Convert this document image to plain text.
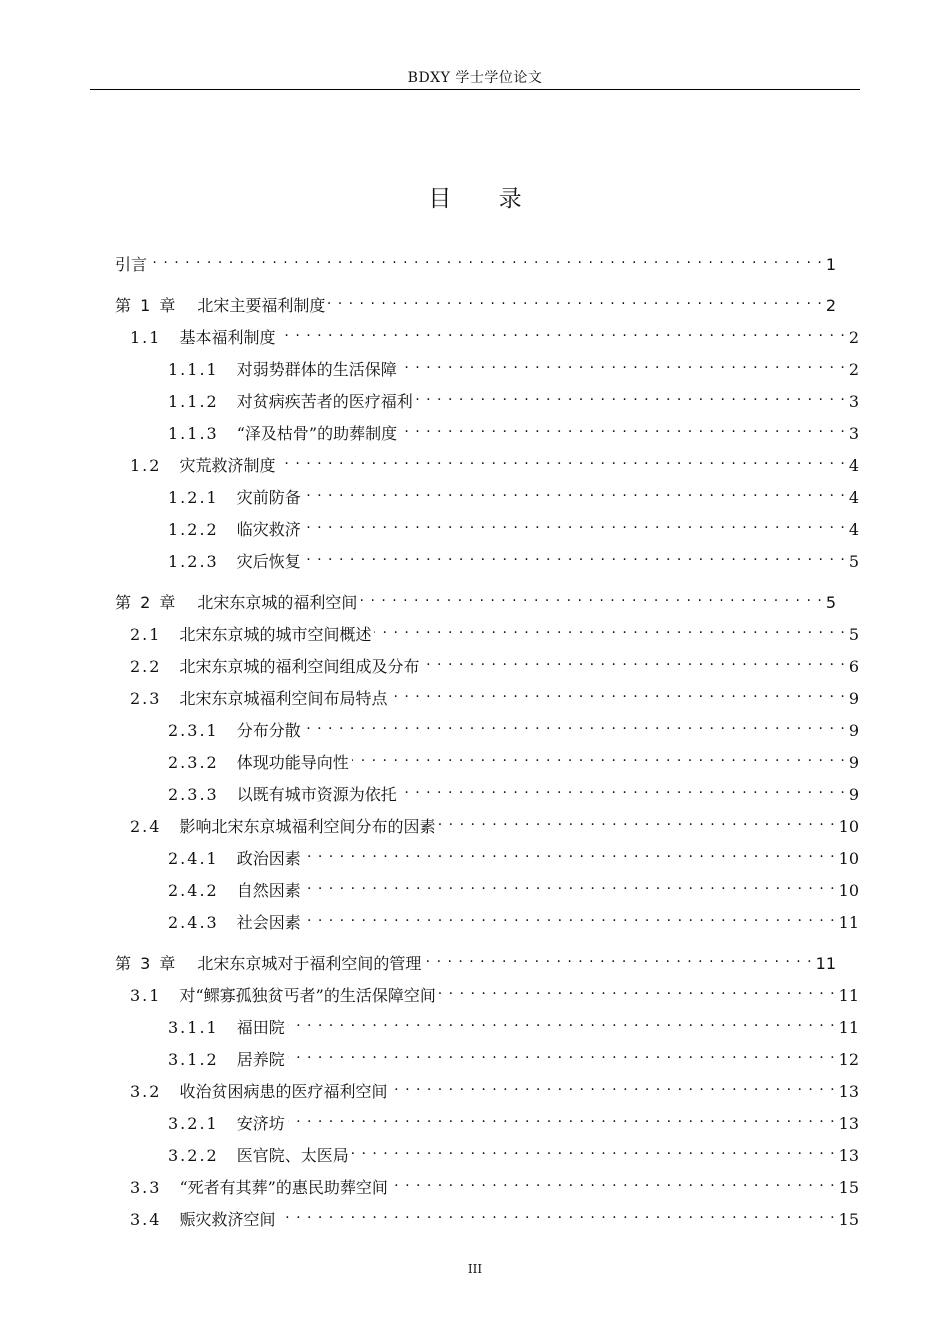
BDXY 学士学位论文
目 录
引言 . . .	1
第 1 章 北宋主要福利制度 . . .	2
1.1 基本福利制度 . . .	2
1.1.1 对弱势群体的生活保障 . . .	2
1.1.2 对贫病疾苦者的医疗福利 . . .	3
1.1.3 “泽及枯骨”的助葬制度 . . .	3
1.2 灾荒救济制度 . . .	4
1.2.1 灾前防备 . . .	4
1.2.2 临灾救济 . . .	4
1.2.3 灾后恢复 . . .	5
第 2 章 北宋东京城的福利空间 . . .	5
2.1 北宋东京城的城市空间概述 . . .	5
2.2 北宋东京城的福利空间组成及分布 . . .	6
2.3 北宋东京城福利空间布局特点 . . .	9
2.3.1 分布分散 . . .	9
2.3.2 体现功能导向性 . . .	9
2.3.3 以既有城市资源为依托 . . .	9
2.4 影响北宋东京城福利空间分布的因素 . . .	10
2.4.1 政治因素 . . .	10
2.4.2 自然因素 . . .	10
2.4.3 社会因素 . . .	11
第 3 章 北宋东京城对于福利空间的管理 . . .	11
3.1 对“鳏寡孤独贫丐者”的生活保障空间 . . .	11
3.1.1 福田院 . . .	11
3.1.2 居养院 . . .	12
3.2 收治贫困病患的医疗福利空间 . . .	13
3.2.1 安济坊 . . .	13
3.2.2 医官院、太医局 . . .	13
3.3 “死者有其葬”的惠民助葬空间 . . .	15
3.4 赈灾救济空间 . . .	15
III
